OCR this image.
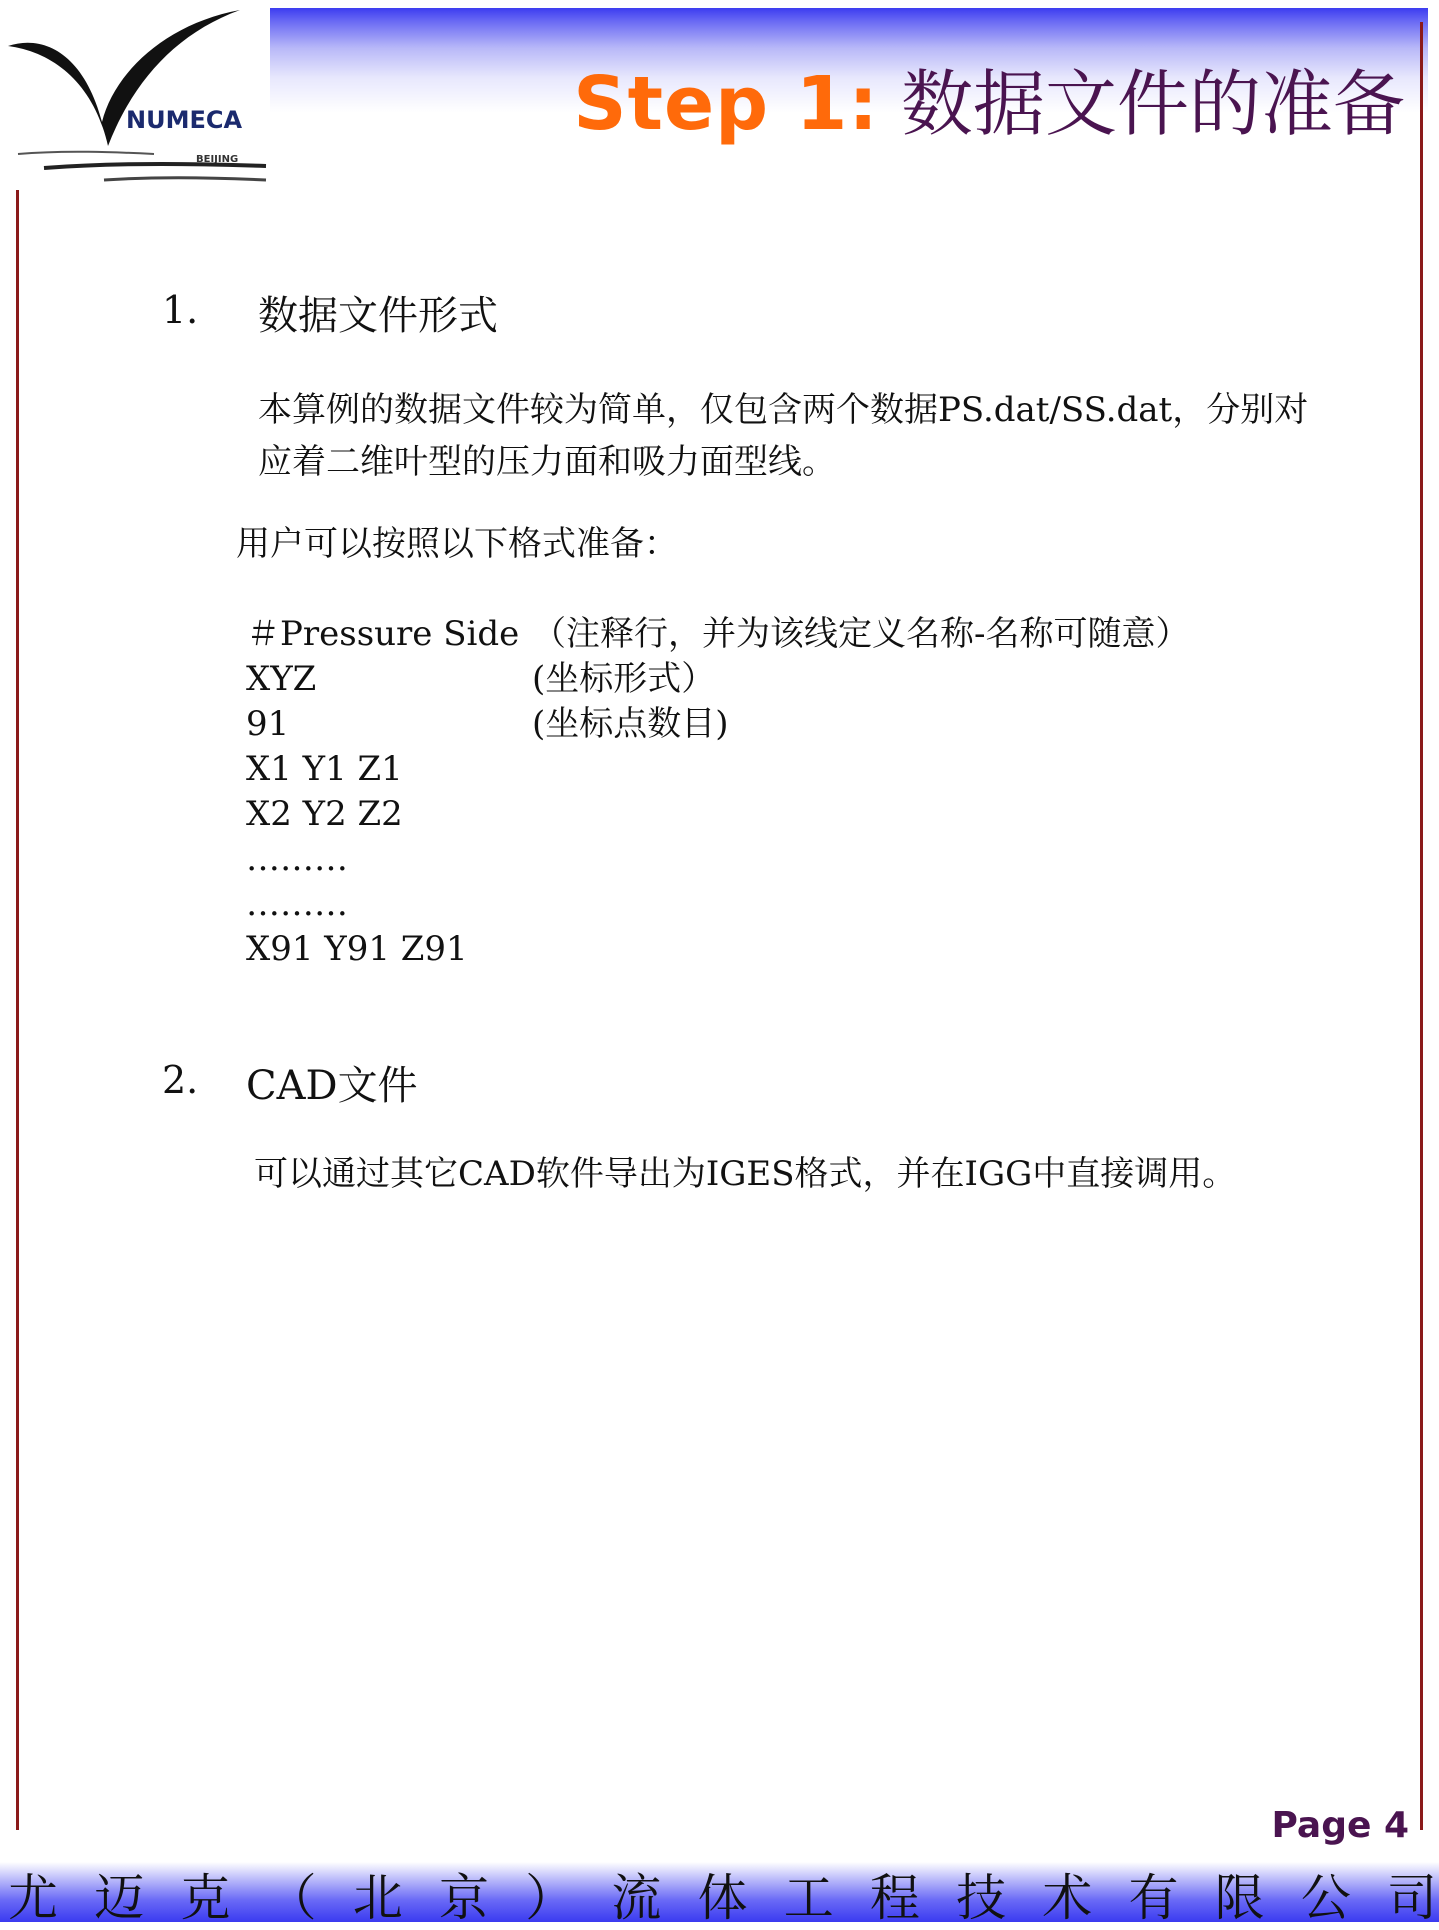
NUMECA
BEIJING
Step 1: 数据文件的准备
1. 数据文件形式
本算例的数据文件较为简单，仅包含两个数据PS.dat/SS.dat，分别对
应着二维叶型的压力面和吸力面型线。
用户可以按照以下格式准备：
＃Pressure Side （注释行，并为该线定义名称-名称可随意）
XYZ	(坐标形式）
91	(坐标点数目)
X1 Y1 Z1
X2 Y2 Z2
………
………
X91 Y91 Z91
2. CAD文件
可以通过其它CAD软件导出为IGES格式，并在IGG中直接调用。
Page 4
尤 迈 克 （ 北 京 ） 流 体 工 程 技 术 有 限 公 司
